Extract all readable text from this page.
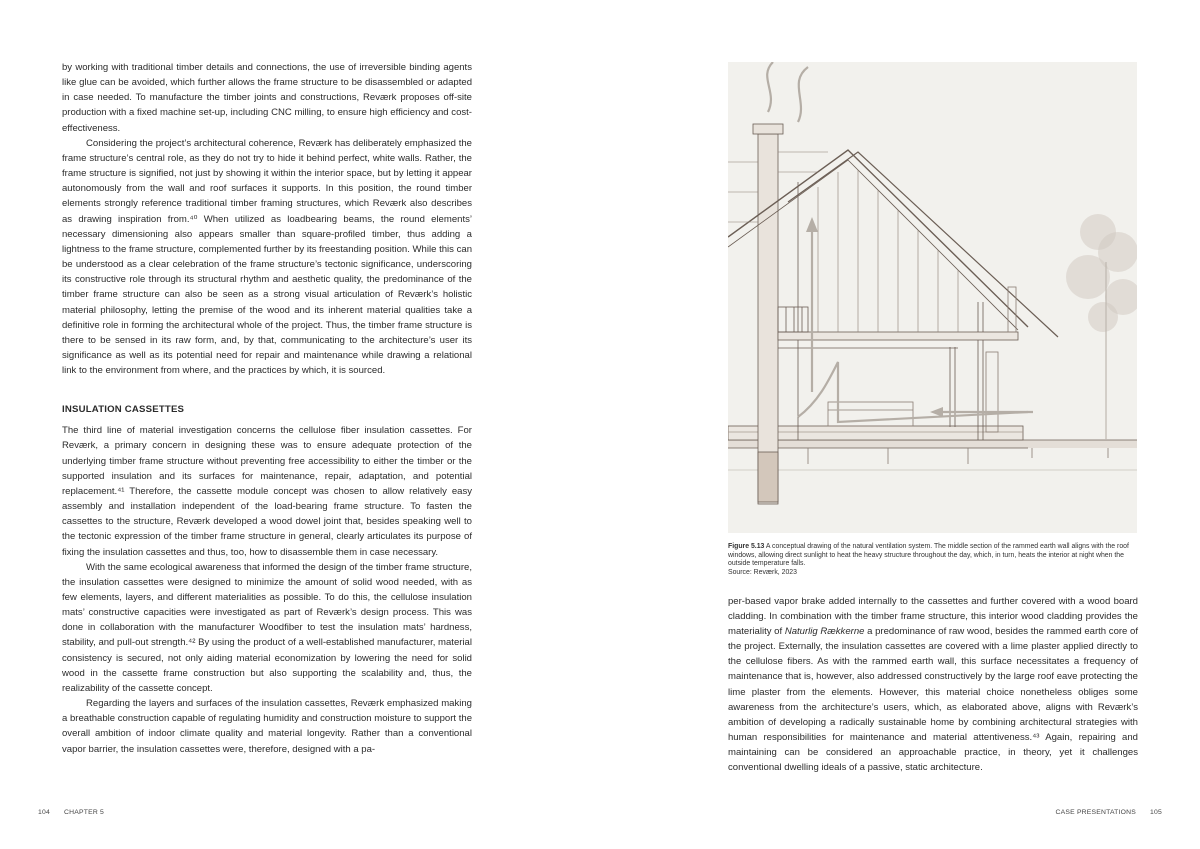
by working with traditional timber details and connections, the use of irreversible binding agents like glue can be avoided, which further allows the frame structure to be disassembled or adapted in case needed. To manufacture the timber joints and constructions, Reværk proposes off-site production with a fixed machine set-up, including CNC milling, to ensure high efficiency and cost-effectiveness.

Considering the project’s architectural coherence, Reværk has deliberately emphasized the frame structure’s central role, as they do not try to hide it behind perfect, white walls. Rather, the frame structure is signified, not just by showing it within the interior space, but by letting it appear autonomously from the wall and roof surfaces it supports. In this position, the round timber elements strongly reference traditional timber framing structures, which Reværk also describes as drawing inspiration from.⁴⁰ When utilized as loadbearing beams, the round elements’ necessary dimensioning also appears smaller than square-profiled timber, thus adding a lightness to the frame structure, complemented further by its freestanding position. While this can be understood as a clear celebration of the frame structure’s tectonic significance, underscoring its constructive role through its structural rhythm and aesthetic quality, the predominance of the timber frame structure can also be seen as a strong visual articulation of Reværk’s holistic material philosophy, letting the premise of the wood and its inherent material qualities take a definitive role in forming the architectural whole of the project. Thus, the timber frame structure is there to be sensed in its raw form, and, by that, communicating to the architecture’s user its significance as well as its potential need for repair and maintenance while drawing a relational link to the environment from where, and the practices by which, it is sourced.

INSULATION CASSETTES

The third line of material investigation concerns the cellulose fiber insulation cassettes. For Reværk, a primary concern in designing these was to ensure adequate protection of the underlying timber frame structure without preventing free accessibility to either the timber or the supported insulation and its surfaces for maintenance, repair, adaptation, and potential replacement.⁴¹ Therefore, the cassette module concept was chosen to allow relatively easy assembly and installation independent of the load-bearing frame structure. To fasten the cassettes to the structure, Reværk developed a wood dowel joint that, besides speaking well to the tectonic expression of the timber frame structure in general, clearly articulates its purpose of fixing the insulation cassettes and thus, too, how to disassemble them in case necessary.

With the same ecological awareness that informed the design of the timber frame structure, the insulation cassettes were designed to minimize the amount of solid wood needed, with as few elements, layers, and different materialities as possible. To do this, the cellulose insulation mats’ constructive capacities were investigated as part of Reværk’s design process. This was done in collaboration with the manufacturer Woodfiber to test the insulation mats’ hardness, stability, and pull-out strength.⁴² By using the product of a well-established manufacturer, material consistency is secured, not only aiding material economization by lowering the need for solid wood in the cassette frame construction but also supporting the scalability and, thus, the realizability of the cassette concept.

Regarding the layers and surfaces of the insulation cassettes, Reværk emphasized making a breathable construction capable of regulating humidity and construction moisture to support the overall ambition of indoor climate quality and material longevity. Rather than a conventional vapor barrier, the insulation cassettes were, therefore, designed with a pa-

104 CHAPTER 5
Figure 5.13 A conceptual drawing of the natural ventilation system. The middle section of the rammed earth wall aligns with the roof windows, allowing direct sunlight to heat the heavy structure throughout the day, which, in turn, heats the interior at night when the outside temperature falls.
Source: Reværk, 2023

per-based vapor brake added internally to the cassettes and further covered with a wood board cladding. In combination with the timber frame structure, this interior wood cladding provides the materiality of Naturlig Rækkerne a predominance of raw wood, besides the rammed earth core of the project. Externally, the insulation cassettes are covered with a lime plaster applied directly to the cellulose fibers. As with the rammed earth wall, this surface necessitates a frequency of maintenance that is, however, also addressed constructively by the large roof eave protecting the lime plaster from the elements. However, this material choice nonetheless obliges some awareness from the architecture’s users, which, as elaborated above, aligns with Reværk’s ambition of developing a radically sustainable home by combining architectural strategies with human responsibilities for maintenance and material attentiveness.⁴³ Again, repairing and maintaining can be considered an approachable practice, in theory, yet it challenges conventional dwelling ideals of a passive, static architecture.

CASE PRESENTATIONS 105
